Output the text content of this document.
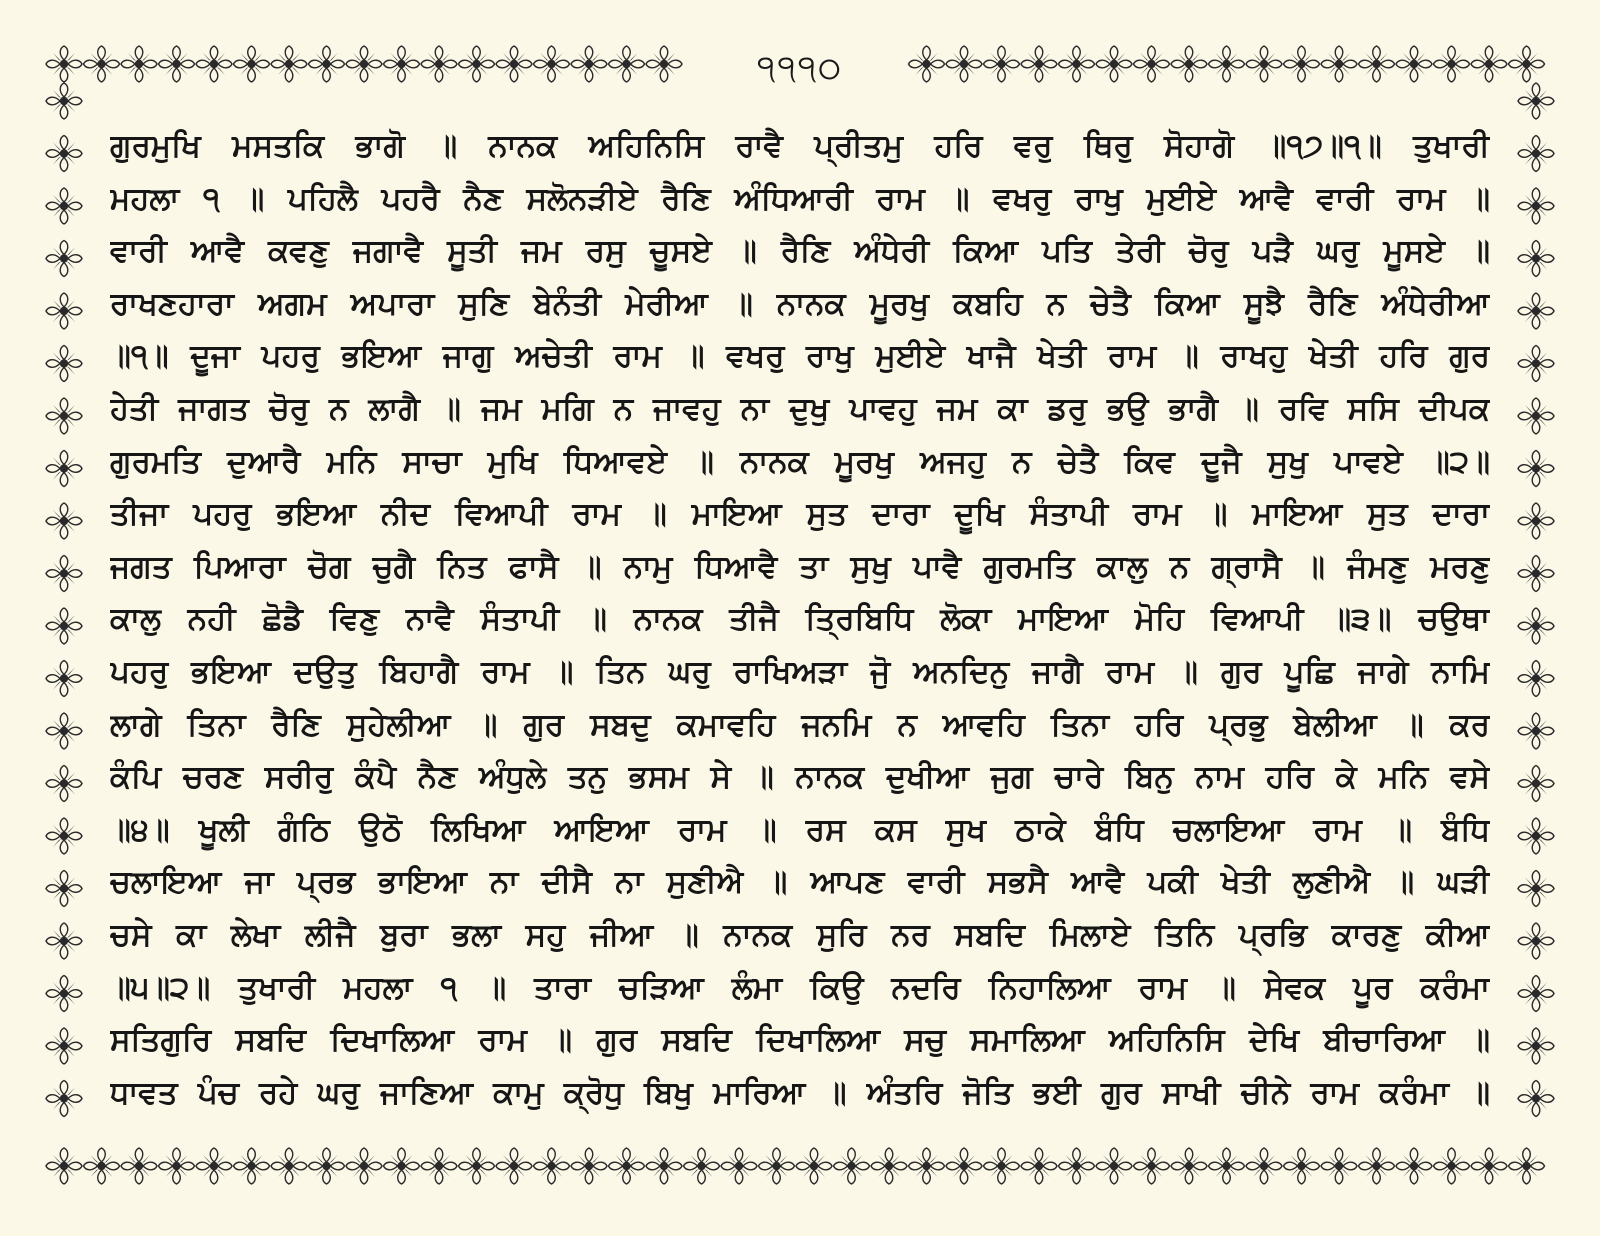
੧੧੧੦
ਗੁਰਮੁਖਿ ਮਸਤਕਿ ਭਾਗੋ ॥ ਨਾਨਕ ਅਹਿਨਿਸਿ ਰਾਵੈ ਪ੍ਰੀਤਮੁ ਹਰਿ ਵਰੁ ਥਿਰੁ ਸੋਹਾਗੋ ॥੧੭॥੧॥ ਤੁਖਾਰੀ
ਮਹਲਾ ੧ ॥ ਪਹਿਲੈ ਪਹਰੈ ਨੈਣ ਸਲੋਨੜੀਏ ਰੈਣਿ ਅੰਧਿਆਰੀ ਰਾਮ ॥ ਵਖਰੁ ਰਾਖੁ ਮੁਈਏ ਆਵੈ ਵਾਰੀ ਰਾਮ ॥
ਵਾਰੀ ਆਵੈ ਕਵਣੁ ਜਗਾਵੈ ਸੂਤੀ ਜਮ ਰਸੁ ਚੂਸਏ ॥ ਰੈਣਿ ਅੰਧੇਰੀ ਕਿਆ ਪਤਿ ਤੇਰੀ ਚੋਰੁ ਪੜੈ ਘਰੁ ਮੂਸਏ ॥
ਰਾਖਣਹਾਰਾ ਅਗਮ ਅਪਾਰਾ ਸੁਣਿ ਬੇਨੰਤੀ ਮੇਰੀਆ ॥ ਨਾਨਕ ਮੂਰਖੁ ਕਬਹਿ ਨ ਚੇਤੈ ਕਿਆ ਸੂਝੈ ਰੈਣਿ ਅੰਧੇਰੀਆ
॥੧॥ ਦੂਜਾ ਪਹਰੁ ਭਇਆ ਜਾਗੁ ਅਚੇਤੀ ਰਾਮ ॥ ਵਖਰੁ ਰਾਖੁ ਮੁਈਏ ਖਾਜੈ ਖੇਤੀ ਰਾਮ ॥ ਰਾਖਹੁ ਖੇਤੀ ਹਰਿ ਗੁਰ
ਹੇਤੀ ਜਾਗਤ ਚੋਰੁ ਨ ਲਾਗੈ ॥ ਜਮ ਮਗਿ ਨ ਜਾਵਹੁ ਨਾ ਦੁਖੁ ਪਾਵਹੁ ਜਮ ਕਾ ਡਰੁ ਭਉ ਭਾਗੈ ॥ ਰਵਿ ਸਸਿ ਦੀਪਕ
ਗੁਰਮਤਿ ਦੁਆਰੈ ਮਨਿ ਸਾਚਾ ਮੁਖਿ ਧਿਆਵਏ ॥ ਨਾਨਕ ਮੂਰਖੁ ਅਜਹੁ ਨ ਚੇਤੈ ਕਿਵ ਦੂਜੈ ਸੁਖੁ ਪਾਵਏ ॥੨॥
ਤੀਜਾ ਪਹਰੁ ਭਇਆ ਨੀਦ ਵਿਆਪੀ ਰਾਮ ॥ ਮਾਇਆ ਸੁਤ ਦਾਰਾ ਦੂਖਿ ਸੰਤਾਪੀ ਰਾਮ ॥ ਮਾਇਆ ਸੁਤ ਦਾਰਾ
ਜਗਤ ਪਿਆਰਾ ਚੋਗ ਚੁਗੈ ਨਿਤ ਫਾਸੈ ॥ ਨਾਮੁ ਧਿਆਵੈ ਤਾ ਸੁਖੁ ਪਾਵੈ ਗੁਰਮਤਿ ਕਾਲੁ ਨ ਗ੍ਰਾਸੈ ॥ ਜੰਮਣੁ ਮਰਣੁ
ਕਾਲੁ ਨਹੀ ਛੋਡੈ ਵਿਣੁ ਨਾਵੈ ਸੰਤਾਪੀ ॥ ਨਾਨਕ ਤੀਜੈ ਤ੍ਰਿਬਿਧਿ ਲੋਕਾ ਮਾਇਆ ਮੋਹਿ ਵਿਆਪੀ ॥੩॥ ਚਉਥਾ
ਪਹਰੁ ਭਇਆ ਦਉਤੁ ਬਿਹਾਗੈ ਰਾਮ ॥ ਤਿਨ ਘਰੁ ਰਾਖਿਅੜਾ ਜੁੋ ਅਨਦਿਨੁ ਜਾਗੈ ਰਾਮ ॥ ਗੁਰ ਪੂਛਿ ਜਾਗੇ ਨਾਮਿ
ਲਾਗੇ ਤਿਨਾ ਰੈਣਿ ਸੁਹੇਲੀਆ ॥ ਗੁਰ ਸਬਦੁ ਕਮਾਵਹਿ ਜਨਮਿ ਨ ਆਵਹਿ ਤਿਨਾ ਹਰਿ ਪ੍ਰਭੁ ਬੇਲੀਆ ॥ ਕਰ
ਕੰਪਿ ਚਰਣ ਸਰੀਰੁ ਕੰਪੈ ਨੈਣ ਅੰਧੁਲੇ ਤਨੁ ਭਸਮ ਸੇ ॥ ਨਾਨਕ ਦੁਖੀਆ ਜੁਗ ਚਾਰੇ ਬਿਨੁ ਨਾਮ ਹਰਿ ਕੇ ਮਨਿ ਵਸੇ
॥੪॥ ਖੂਲੀ ਗੰਠਿ ਉਠੋ ਲਿਖਿਆ ਆਇਆ ਰਾਮ ॥ ਰਸ ਕਸ ਸੁਖ ਠਾਕੇ ਬੰਧਿ ਚਲਾਇਆ ਰਾਮ ॥ ਬੰਧਿ
ਚਲਾਇਆ ਜਾ ਪ੍ਰਭ ਭਾਇਆ ਨਾ ਦੀਸੈ ਨਾ ਸੁਣੀਐ ॥ ਆਪਣ ਵਾਰੀ ਸਭਸੈ ਆਵੈ ਪਕੀ ਖੇਤੀ ਲੁਣੀਐ ॥ ਘੜੀ
ਚਸੇ ਕਾ ਲੇਖਾ ਲੀਜੈ ਬੁਰਾ ਭਲਾ ਸਹੁ ਜੀਆ ॥ ਨਾਨਕ ਸੁਰਿ ਨਰ ਸਬਦਿ ਮਿਲਾਏ ਤਿਨਿ ਪ੍ਰਭਿ ਕਾਰਣੁ ਕੀਆ
॥੫॥੨॥ ਤੁਖਾਰੀ ਮਹਲਾ ੧ ॥ ਤਾਰਾ ਚੜਿਆ ਲੰਮਾ ਕਿਉ ਨਦਰਿ ਨਿਹਾਲਿਆ ਰਾਮ ॥ ਸੇਵਕ ਪੂਰ ਕਰੰਮਾ
ਸਤਿਗੁਰਿ ਸਬਦਿ ਦਿਖਾਲਿਆ ਰਾਮ ॥ ਗੁਰ ਸਬਦਿ ਦਿਖਾਲਿਆ ਸਚੁ ਸਮਾਲਿਆ ਅਹਿਨਿਸਿ ਦੇਖਿ ਬੀਚਾਰਿਆ ॥
ਧਾਵਤ ਪੰਚ ਰਹੇ ਘਰੁ ਜਾਣਿਆ ਕਾਮੁ ਕ੍ਰੋਧੁ ਬਿਖੁ ਮਾਰਿਆ ॥ ਅੰਤਰਿ ਜੋਤਿ ਭਈ ਗੁਰ ਸਾਖੀ ਚੀਨੇ ਰਾਮ ਕਰੰਮਾ ॥
